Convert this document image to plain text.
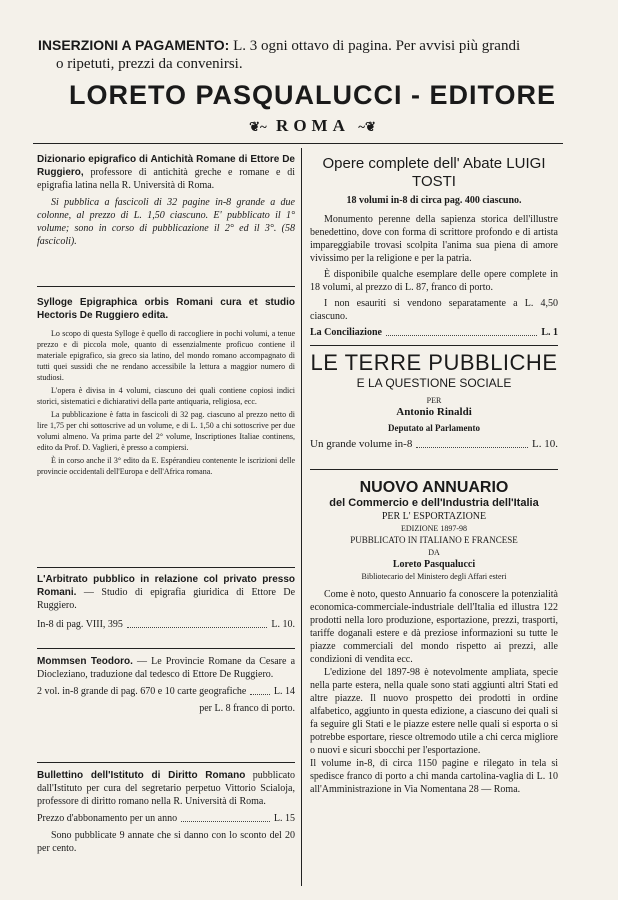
INSERZIONI A PAGAMENTO: L. 3 ogni ottavo di pagina. Per avvisi più grandi
o ripetuti, prezzi da convenirsi.
LORETO PASQUALUCCI - EDITORE
❦~ ROMA ~❦

Dizionario epigrafico di Antichità Romane di Ettore De Ruggiero, professore di antichità greche e romane e di epigrafia latina nella R. Università di Roma.

Si pubblica a fascicoli di 32 pagine in-8 grande a due colonne, al prezzo di L. 1,50 ciascuno. E' pubblicato il 1° volume; sono in corso di pubblicazione il 2° ed il 3°. (58 fascicoli).

Sylloge Epigraphica orbis Romani cura et studio Hectoris De Ruggiero edita.

Lo scopo di questa Sylloge è quello di raccogliere in pochi volumi, a tenue prezzo e di piccola mole, quanto di essenzialmente proficuo contiene il materiale epigrafico, sia greco sia latino, del mondo romano accompagnato di tutti quei sussidi che ne rendano accessibile la lettura a maggior numero di studiosi.

L'opera è divisa in 4 volumi, ciascuno dei quali contiene copiosi indici storici, sistematici e dichiarativi della parte antiquaria, religiosa, ecc.

La pubblicazione è fatta in fascicoli di 32 pag. ciascuno al prezzo netto di lire 1,75 per chi sottoscrive ad un volume, e di L. 1,50 a chi sottoscrive per due volumi almeno. Va prima parte del 2° volume, Inscriptiones Italiae continens, edito da Prof. D. Vaglieri, è presso a compiersi.

È in corso anche il 3° edito da E. Espérandieu contenente le iscrizioni delle provincie occidentali dell'Europa e dell'Africa romana.

L'Arbitrato pubblico in relazione col privato presso Romani. — Studio di epigrafia giuridica di Ettore De Ruggiero.

In-8 di pag. VIII, 395	L. 10.

Mommsen Teodoro. — Le Provincie Romane da Cesare a Diocleziano, traduzione dal tedesco di Ettore De Ruggiero.

2 vol. in-8 grande di pag. 670 e 10 carte geografiche	L. 14

per L. 8 franco di porto.

Bullettino dell'Istituto di Diritto Romano pubblicato dall'Istituto per cura del segretario perpetuo Vittorio Scialoja, professore di diritto romano nella R. Università di Roma.

Prezzo d'abbonamento per un anno	L. 15

Sono pubblicate 9 annate che si danno con lo sconto del 20 per cento.

Opere complete dell' Abate LUIGI TOSTI

18 volumi in-8 di circa pag. 400 ciascuno.

Monumento perenne della sapienza storica dell'illustre benedettino, dove con forma di scrittore profondo e di artista impareggiabile trovasi scolpita l'anima sua piena di amore vivissimo per la religione e per la patria.

È disponibile qualche esemplare delle opere complete in 18 volumi, al prezzo di L. 87, franco di porto.

I non esauriti si vendono separatamente a L. 4,50 ciascuno.

La Conciliazione	L. 1

LE TERRE PUBBLICHE

E LA QUESTIONE SOCIALE

PER

Antonio Rinaldi

Deputato al Parlamento

Un grande volume in-8	L. 10.

NUOVO ANNUARIO

del Commercio e dell'Industria dell'Italia

PER L' ESPORTAZIONE

EDIZIONE 1897-98

PUBBLICATO IN ITALIANO E FRANCESE

DA

Loreto Pasqualucci

Bibliotecario del Ministero degli Affari esteri

Come è noto, questo Annuario fa conoscere la potenzialità economica-commerciale-industriale dell'Italia ed illustra 122 prodotti nella loro produzione, esportazione, prezzi, trasporti, tariffe doganali estere e dà preziose informazioni su tutte le piazze commerciali del mondo rispetto ai prezzi, alle condizioni di vendita ecc.

L'edizione del 1897-98 è notevolmente ampliata, specie nella parte estera, nella quale sono stati aggiunti altri Stati ed altre piazze. Il nuovo prospetto dei prodotti in ordine alfabetico, aggiunto in questa edizione, a ciascuno dei quali si fa seguire gli Stati e le piazze estere nelle quali si esporta o si potrebbe esportare, riesce oltremodo utile a chi cerca migliore o nuovi e sicuri sbocchi per l'esportazione.

Il volume in-8, di circa 1150 pagine e rilegato in tela si spedisce franco di porto a chi manda cartolina-vaglia di L. 10 all'Amministrazione in Via Nomentana 28 — Roma.
